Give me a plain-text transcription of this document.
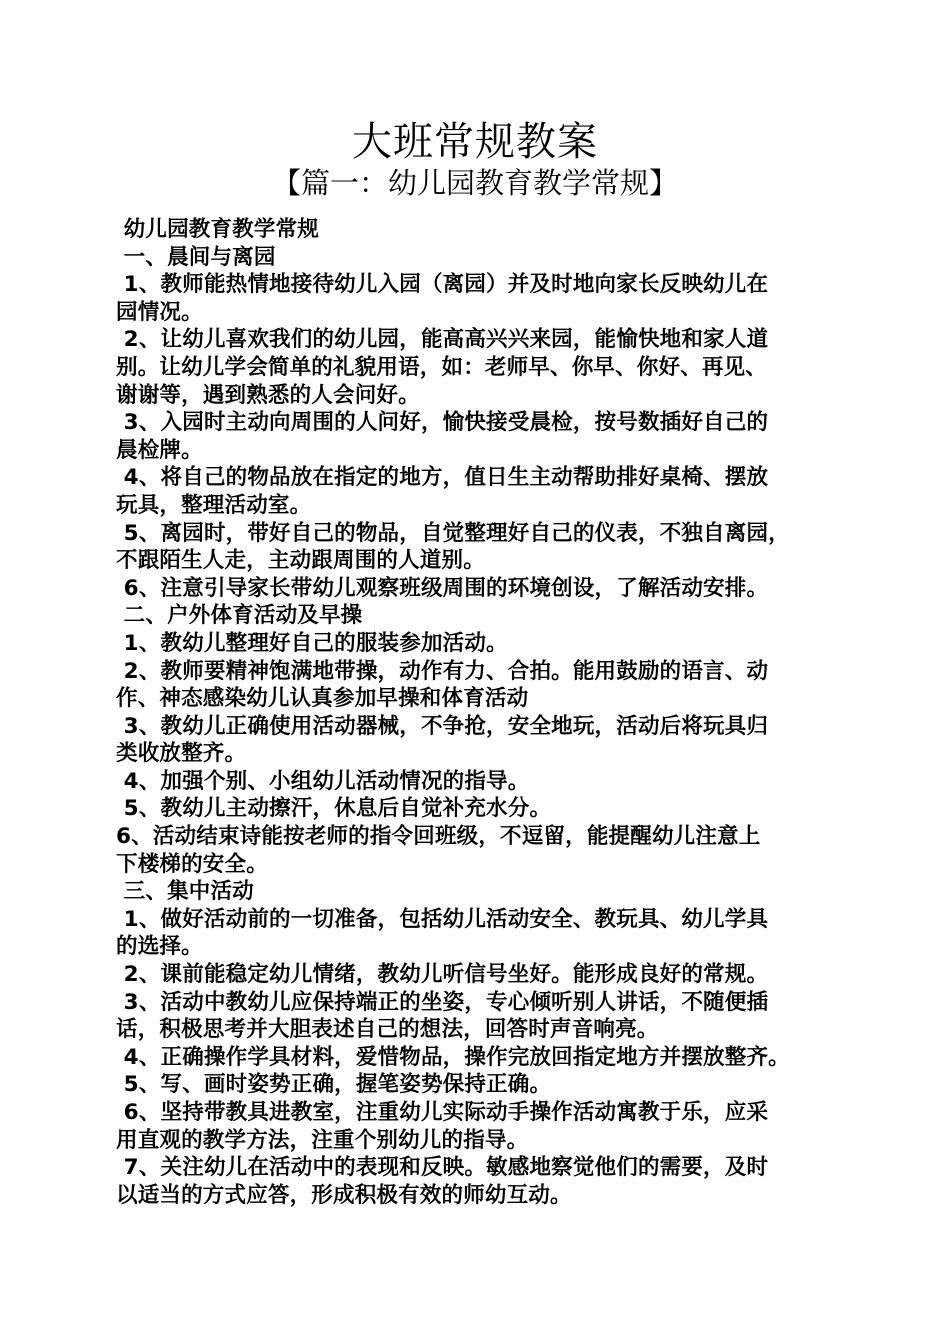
大班常规教案
【篇一：幼儿园教育教学常规】
幼儿园教育教学常规
一、晨间与离园
1、教师能热情地接待幼儿入园（离园）并及时地向家长反映幼儿在
园情况。
2、让幼儿喜欢我们的幼儿园，能高高兴兴来园，能愉快地和家人道
别。让幼儿学会简单的礼貌用语，如：老师早、你早、你好、再见、
谢谢等，遇到熟悉的人会问好。
3、入园时主动向周围的人问好，愉快接受晨检，按号数插好自己的
晨检牌。
4、将自己的物品放在指定的地方，值日生主动帮助排好桌椅、摆放
玩具，整理活动室。
5、离园时，带好自己的物品，自觉整理好自己的仪表，不独自离园，
不跟陌生人走，主动跟周围的人道别。
6、注意引导家长带幼儿观察班级周围的环境创设，了解活动安排。
二、户外体育活动及早操
1、教幼儿整理好自己的服装参加活动。
2、教师要精神饱满地带操，动作有力、合拍。能用鼓励的语言、动
作、神态感染幼儿认真参加早操和体育活动
3、教幼儿正确使用活动器械，不争抢，安全地玩，活动后将玩具归
类收放整齐。
4、加强个别、小组幼儿活动情况的指导。
5、教幼儿主动擦汗，休息后自觉补充水分。
6、活动结束诗能按老师的指令回班级，不逗留，能提醒幼儿注意上
下楼梯的安全。
三、集中活动
1、做好活动前的一切准备，包括幼儿活动安全、教玩具、幼儿学具
的选择。
2、课前能稳定幼儿情绪，教幼儿听信号坐好。能形成良好的常规。
3、活动中教幼儿应保持端正的坐姿，专心倾听别人讲话，不随便插
话，积极思考并大胆表述自己的想法，回答时声音响亮。
4、正确操作学具材料，爱惜物品，操作完放回指定地方并摆放整齐。
5、写、画时姿势正确，握笔姿势保持正确。
6、坚持带教具进教室，注重幼儿实际动手操作活动寓教于乐，应采
用直观的教学方法，注重个别幼儿的指导。
7、关注幼儿在活动中的表现和反映。敏感地察觉他们的需要，及时
以适当的方式应答，形成积极有效的师幼互动。
